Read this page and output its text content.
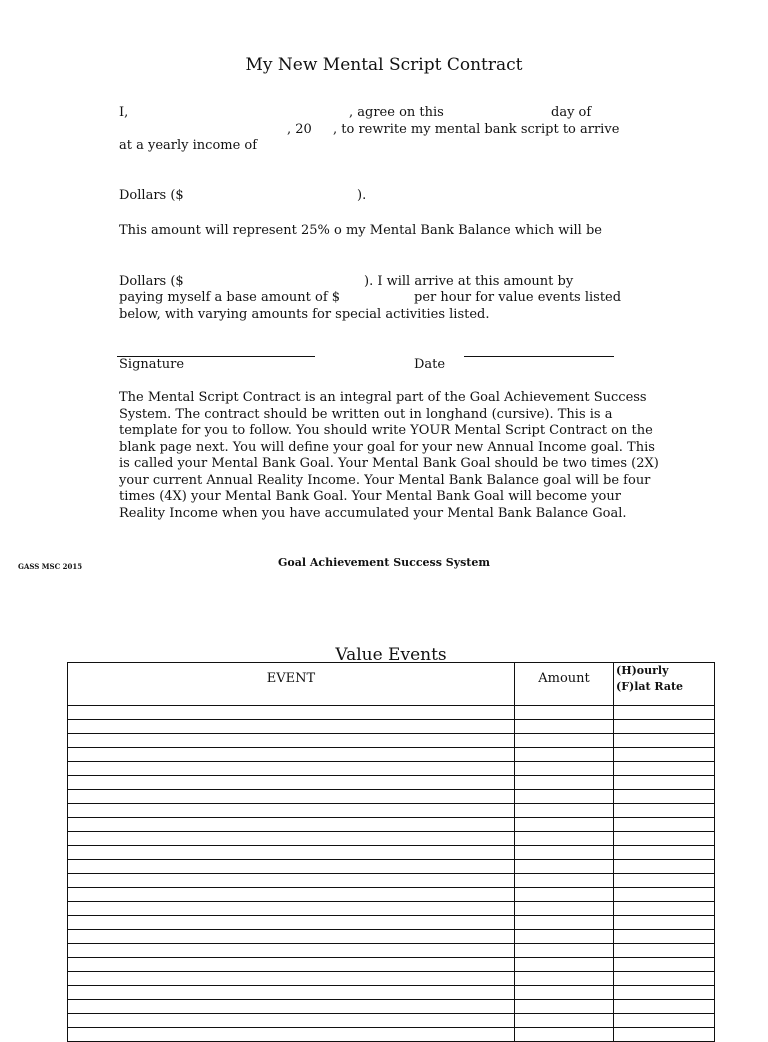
My New Mental Script Contract
I,	, agree on this	day of
, 20 , to rewrite my mental bank script to arrive
at a yearly income of
Dollars ($	).
This amount will represent 25% o my Mental Bank Balance which will be
Dollars ($	). I will arrive at this amount by
paying myself a base amount of $	per hour for value events listed
below, with varying amounts for special activities listed.
Signature	Date
The Mental Script Contract is an integral part of the Goal Achievement Success System. The contract should be written out in longhand (cursive). This is a template for you to follow. You should write YOUR Mental Script Contract on the blank page next. You will define your goal for your new Annual Income goal. This is called your Mental Bank Goal. Your Mental Bank Goal should be two times (2X) your current Annual Reality Income. Your Mental Bank Balance goal will be four times (4X) your Mental Bank Goal. Your Mental Bank Goal will become your Reality Income when you have accumulated your Mental Bank Balance Goal.
GASS MSC 2015	Goal Achievement Success System
Value Events
EVENT	Amount	(H)ourly
(F)lat Rate
